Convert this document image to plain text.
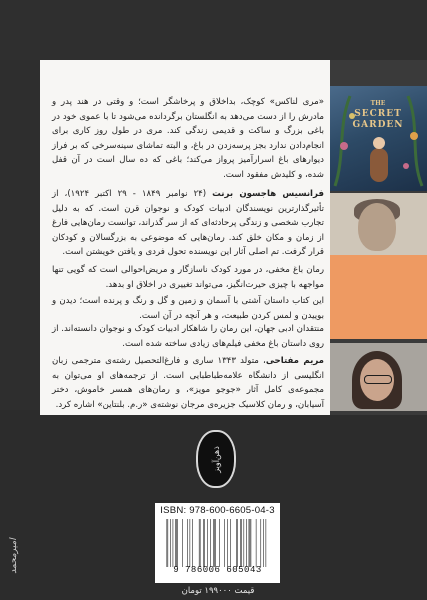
THE
SECRET GARDEN
«مری لناکس» کوچک، بداخلاق و پرخاشگر است؛ و وقتی در هند پدر و مادرش را از دست می‌دهد به انگلستان برگردانده می‌شود تا با عموی خود در باغی بزرگ و ساکت و قدیمی زندگی کند. مری در طول روز کاری برای انجام‌دادن ندارد بجز پرسه‌زدن در باغ، و البته تماشای سینه‌سرخی که بر فراز دیوارهای باغ اسرارآمیز پرواز می‌کند؛ باغی که ده سال است در آن قفل شده، و کلیدش مفقود است.
فرانسیس هاجسون برنت (۲۴ نوامبر ۱۸۴۹ - ۲۹ اکتبر ۱۹۲۴)، از تأثیرگذارترین نویسندگان ادبیات کودک و نوجوان قرن است. که به دلیل تجارب شخصی و زندگی پرحادثه‌ای که از سر گذراند، توانست رمان‌هایی فارغ از زمان و مکان خلق کند. رمان‌هایی که موضوعی به بزرگسالان و کودکان قرار گرفت. تم اصلی آثار این نویسنده تحول فردی و یافتن خویشتن است.
رمان باغ مخفی، در مورد کودک ناسازگار و مریض‌احوالی است که گویی تنها مواجهه با چیزی حیرت‌انگیز، می‌تواند تغییری در اخلاق او بدهد.
این کتاب داستان آشتی با آسمان و زمین و گل و رنگ و پرنده است؛ دیدن و بوییدن و لمس کردن طبیعت، و هر آنچه در آن است.
منتقدان ادبی جهان، این رمان را شاهکار ادبیات کودک و نوجوان دانسته‌اند. از روی داستان باغ مخفی فیلم‌های زیادی ساخته شده است.
مریم مفتاحی، متولد ۱۳۴۳ ساری و فارغ‌التحصیل رشته‌ی مترجمی زبان انگلیسی از دانشگاه علامه‌طباطبایی است. از ترجمه‌های او می‌توان به مجموعه‌ی کامل آثار «جوجو مویز»، و رمان‌های همسر خاموش، دختر آسیابان، و رمان کلاسیک جزیره‌ی مرجان نوشته‌ی «ر.م. بلنتاین» اشاره کرد.
ذهن‌آویز
امیرمحمد
ISBN: 978-600-6605-04-3
9 786006 605043
قیمت ۱۹۹۰۰۰ تومان
